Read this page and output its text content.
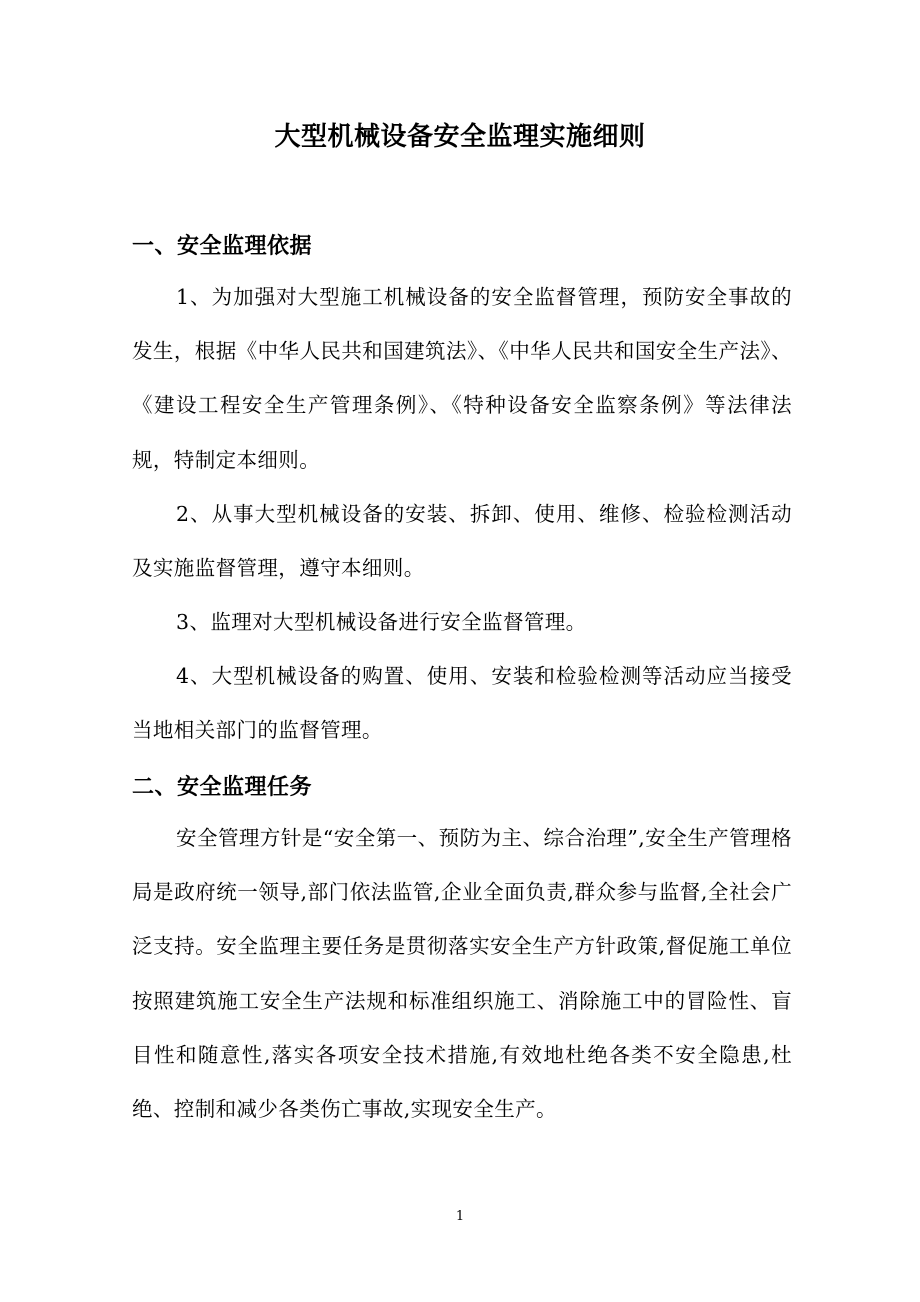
大型机械设备安全监理实施细则
一、安全监理依据

1、为加强对大型施工机械设备的安全监督管理，预防安全事故的发生，根据《中华人民共和国建筑法》、《中华人民共和国安全生产法》、《建设工程安全生产管理条例》、《特种设备安全监察条例》等法律法规，特制定本细则。

2、从事大型机械设备的安装、拆卸、使用、维修、检验检测活动及实施监督管理，遵守本细则。

3、监理对大型机械设备进行安全监督管理。

4、大型机械设备的购置、使用、安装和检验检测等活动应当接受当地相关部门的监督管理。

二、安全监理任务

安全管理方针是“安全第一、预防为主、综合治理”,安全生产管理格局是政府统一领导,部门依法监管,企业全面负责,群众参与监督,全社会广泛支持。安全监理主要任务是贯彻落实安全生产方针政策,督促施工单位按照建筑施工安全生产法规和标准组织施工、消除施工中的冒险性、盲目性和随意性,落实各项安全技术措施,有效地杜绝各类不安全隐患,杜绝、控制和减少各类伤亡事故,实现安全生产。

1
